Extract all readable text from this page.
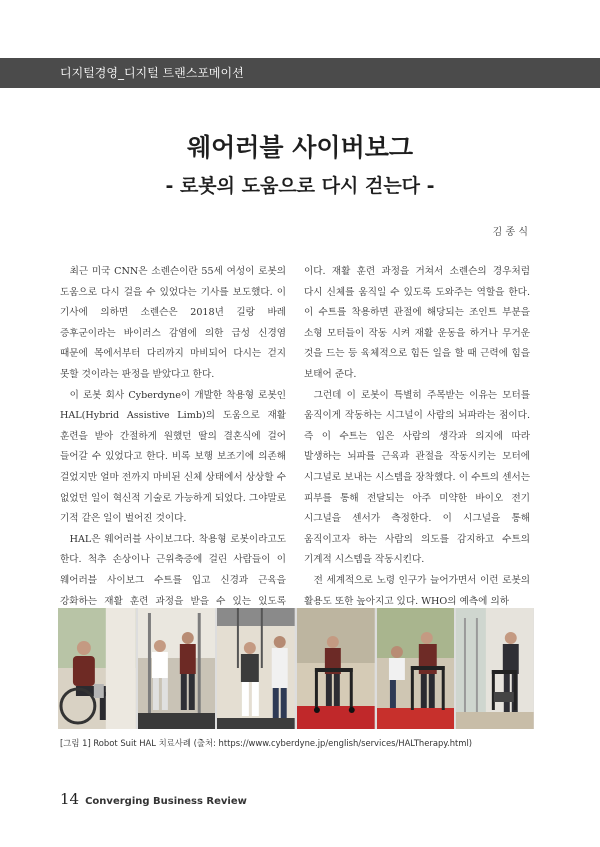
디지털경영_디지털 트랜스포메이션
웨어러블 사이버보그
- 로봇의 도움으로 다시 걷는다 -
김 종 식

최근 미국 CNN은 소렌슨이란 55세 여성이 로봇의 도움으로 다시 걸을 수 있었다는 기사를 보도했다. 이 기사에 의하면 소렌슨은 2018년 길랑 바레 증후군이라는 바이러스 감염에 의한 급성 신경염 때문에 목에서부터 다리까지 마비되어 다시는 걷지 못할 것이라는 판정을 받았다고 한다.

이 로봇 회사 Cyberdyne이 개발한 착용형 로봇인 HAL(Hybrid Assistive Limb)의 도움으로 재활 훈련을 받아 간절하게 원했던 딸의 결혼식에 걸어 들어갈 수 있었다고 한다. 비록 보행 보조기에 의존해 걸었지만 얼마 전까지 마비된 신체 상태에서 상상할 수 없었던 일이 혁신적 기술로 가능하게 되었다. 그야말로 기적 같은 일이 벌어진 것이다.

HAL은 웨어러블 사이보그다. 착용형 로봇이라고도 한다. 척추 손상이나 근위축증에 걸린 사람들이 이 웨어러블 사이보그 수트를 입고 신경과 근육을 강화하는 재활 훈련 과정을 받을 수 있는 있도록

이다. 재활 훈련 과정을 거쳐서 소렌슨의 경우처럼 다시 신체를 움직일 수 있도록 도와주는 역할을 한다. 이 수트를 착용하면 관절에 해당되는 조인트 부분을 소형 모터들이 작동 시켜 재활 운동을 하거나 무거운 것을 드는 등 육체적으로 힘든 일을 할 때 근력에 힘을 보태어 준다.

그런데 이 로봇이 특별히 주목받는 이유는 모터를 움직이게 작동하는 시그널이 사람의 뇌파라는 점이다. 즉 이 수트는 입은 사람의 생각과 의지에 따라 발생하는 뇌파를 근육과 관절을 작동시키는 모터에 시그널로 보내는 시스템을 장착했다. 이 수트의 센서는 피부를 통해 전달되는 아주 미약한 바이오 전기 시그널을 센서가 측정한다. 이 시그널을 통해 움직이고자 하는 사람의 의도를 감지하고 수트의 기계적 시스템을 작동시킨다.

전 세계적으로 노령 인구가 늘어가면서 이런 로봇의 활용도 또한 높아지고 있다. WHO의 예측에 의하

[그림 1] Robot Suit HAL 치료사례 (출처: https://www.cyberdyne.jp/english/services/HALTherapy.html)
14 Converging Business Review
